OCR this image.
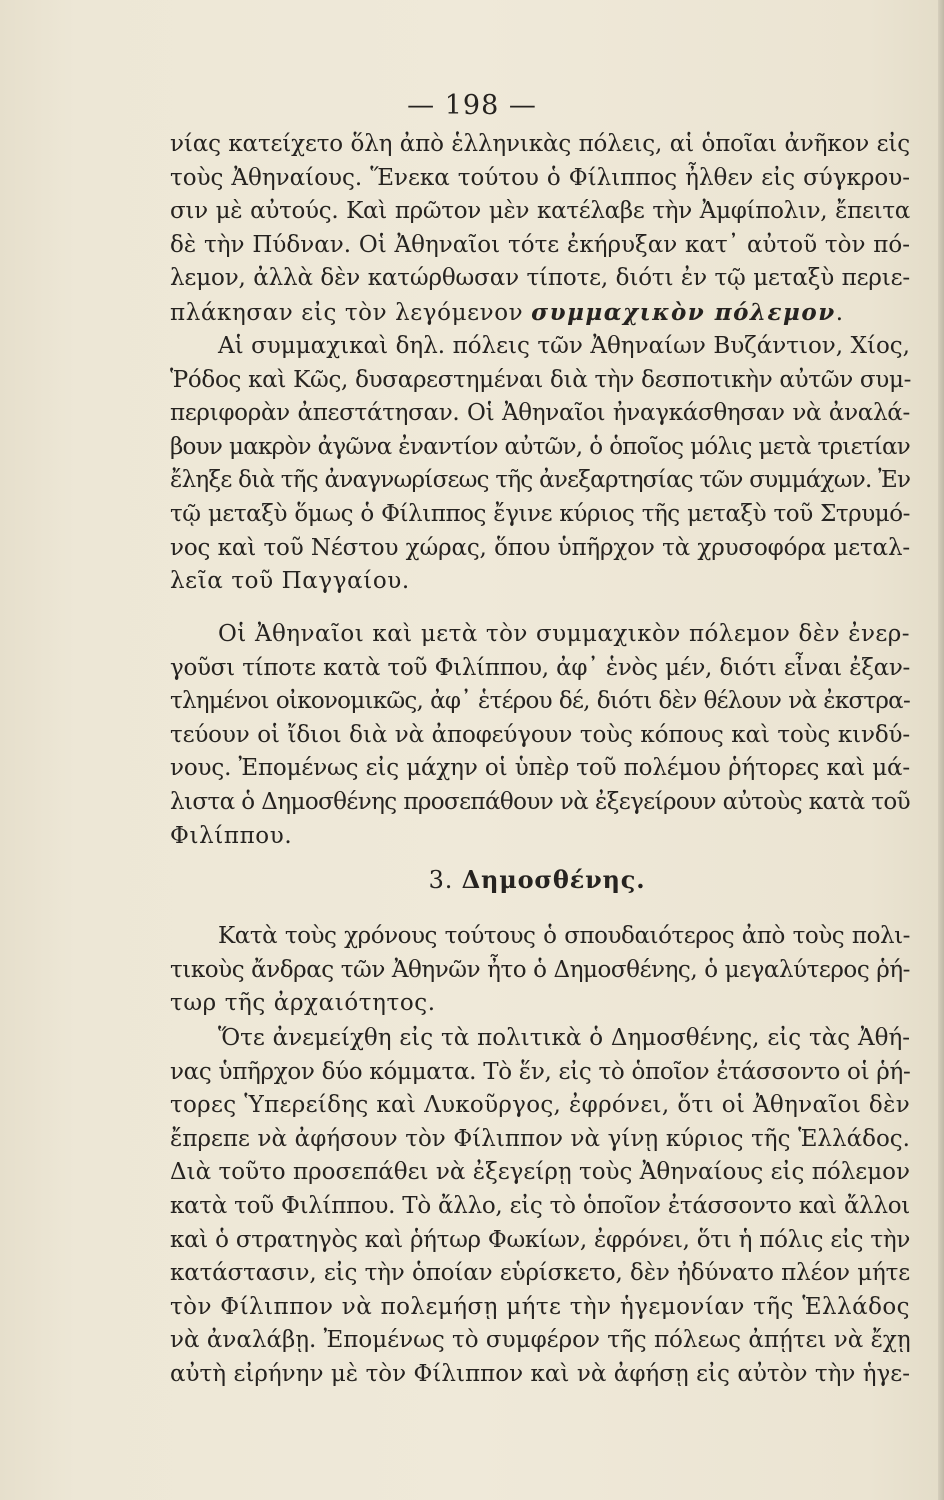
— 198 —
νίας κατείχετο ὅλη ἀπὸ ἑλληνικὰς πόλεις, αἱ ὁποῖαι ἀνῆκον εἰς
τοὺς Ἀθηναίους. Ἕνεκα τούτου ὁ Φίλιππος ἦλθεν εἰς σύγκρου-
σιν μὲ αὐτούς. Καὶ πρῶτον μὲν κατέλαβε τὴν Ἀμφίπολιν, ἔπειτα
δὲ τὴν Πύδναν. Οἱ Ἀθηναῖοι τότε ἐκήρυξαν κατ᾿ αὐτοῦ τὸν πό-
λεμον, ἀλλὰ δὲν κατώρθωσαν τίποτε, διότι ἐν τῷ μεταξὺ περιε-
πλάκησαν εἰς τὸν λεγόμενον συμμαχικὸν πόλεμον.
Αἱ συμμαχικαὶ δηλ. πόλεις τῶν Ἀθηναίων Βυζάντιον, Χίος,
Ῥόδος καὶ Κῶς, δυσαρεστημέναι διὰ τὴν δεσποτικὴν αὐτῶν συμ-
περιφορὰν ἀπεστάτησαν. Οἱ Ἀθηναῖοι ἠναγκάσθησαν νὰ ἀναλά-
βουν μακρὸν ἀγῶνα ἐναντίον αὐτῶν, ὁ ὁποῖος μόλις μετὰ τριετίαν
ἔληξε διὰ τῆς ἀναγνωρίσεως τῆς ἀνεξαρτησίας τῶν συμμάχων. Ἐν
τῷ μεταξὺ ὅμως ὁ Φίλιππος ἔγινε κύριος τῆς μεταξὺ τοῦ Στρυμό-
νος καὶ τοῦ Νέστου χώρας, ὅπου ὑπῆρχον τὰ χρυσοφόρα μεταλ-
λεῖα τοῦ Παγγαίου.
Οἱ Ἀθηναῖοι καὶ μετὰ τὸν συμμαχικὸν πόλεμον δὲν ἐνερ-
γοῦσι τίποτε κατὰ τοῦ Φιλίππου, ἀφ᾿ ἑνὸς μέν, διότι εἶναι ἐξαν-
τλημένοι οἰκονομικῶς, ἀφ᾿ ἑτέρου δέ, διότι δὲν θέλουν νὰ ἐκστρα-
τεύουν οἱ ἴδιοι διὰ νὰ ἀποφεύγουν τοὺς κόπους καὶ τοὺς κινδύ-
νους. Ἐπομένως εἰς μάχην οἱ ὑπὲρ τοῦ πολέμου ῥήτορες καὶ μά-
λιστα ὁ Δημοσθένης προσεπάθουν νὰ ἐξεγείρουν αὐτοὺς κατὰ τοῦ
Φιλίππου.
3. Δημοσθένης.
Κατὰ τοὺς χρόνους τούτους ὁ σπουδαιότερος ἀπὸ τοὺς πολι-
τικοὺς ἄνδρας τῶν Ἀθηνῶν ἦτο ὁ Δημοσθένης, ὁ μεγαλύτερος ῥή-
τωρ τῆς ἀρχαιότητος.
Ὅτε ἀνεμείχθη εἰς τὰ πολιτικὰ ὁ Δημοσθένης, εἰς τὰς Ἀθή-
νας ὑπῆρχον δύο κόμματα. Τὸ ἕν, εἰς τὸ ὁποῖον ἐτάσσοντο οἱ ῥή-
τορες Ὑπερείδης καὶ Λυκοῦργος, ἐφρόνει, ὅτι οἱ Ἀθηναῖοι δὲν
ἔπρεπε νὰ ἀφήσουν τὸν Φίλιππον νὰ γίνῃ κύριος τῆς Ἑλλάδος.
Διὰ τοῦτο προσεπάθει νὰ ἐξεγείρῃ τοὺς Ἀθηναίους εἰς πόλεμον
κατὰ τοῦ Φιλίππου. Τὸ ἄλλο, εἰς τὸ ὁποῖον ἐτάσσοντο καὶ ἄλλοι
καὶ ὁ στρατηγὸς καὶ ῥήτωρ Φωκίων, ἐφρόνει, ὅτι ἡ πόλις εἰς τὴν
κατάστασιν, εἰς τὴν ὁποίαν εὑρίσκετο, δὲν ἠδύνατο πλέον μήτε
τὸν Φίλιππον νὰ πολεμήσῃ μήτε τὴν ἡγεμονίαν τῆς Ἑλλάδος
νὰ ἀναλάβῃ. Ἐπομένως τὸ συμφέρον τῆς πόλεως ἀπῄτει νὰ ἔχῃ
αὐτὴ εἰρήνην μὲ τὸν Φίλιππον καὶ νὰ ἀφήσῃ εἰς αὐτὸν τὴν ἡγε-
